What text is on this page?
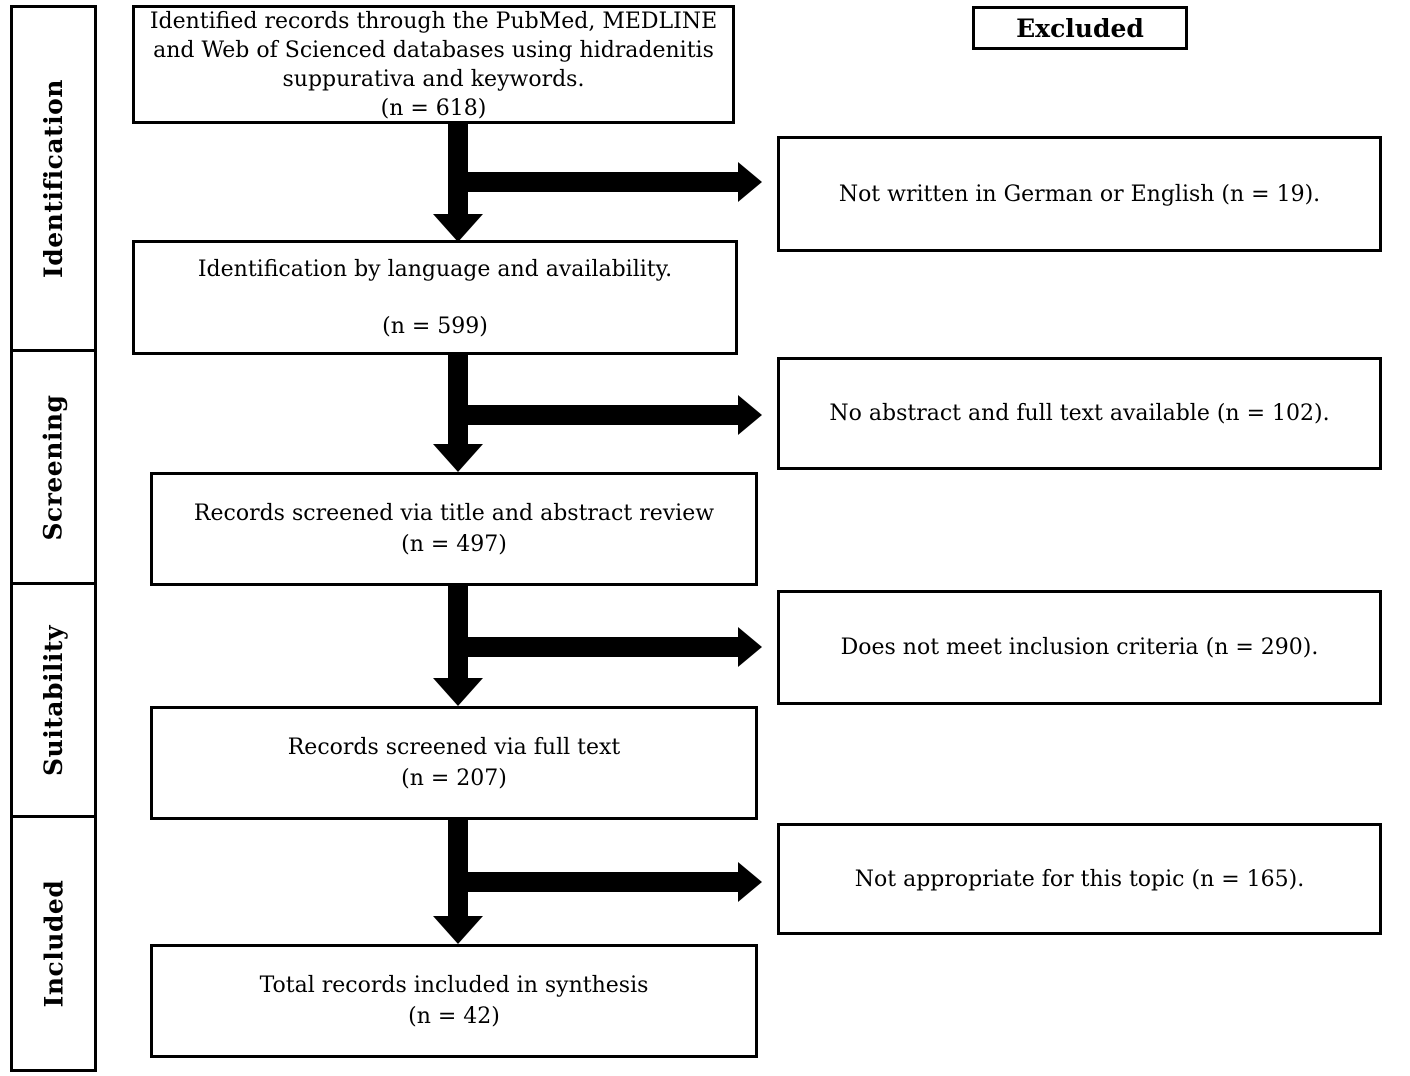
Identification
Screening
Suitability
Included
Identified records through the PubMed, MEDLINE
and Web of Scienced databases using hidradenitis
suppurativa and keywords.
(n = 618)
Identification by language and availability.
(n = 599)
Records screened via title and abstract review
(n = 497)
Records screened via full text
(n = 207)
Total records included in synthesis
(n = 42)
Excluded
Not written in German or English (n = 19).
No abstract and full text available (n = 102).
Does not meet inclusion criteria (n = 290).
Not appropriate for this topic (n = 165).
